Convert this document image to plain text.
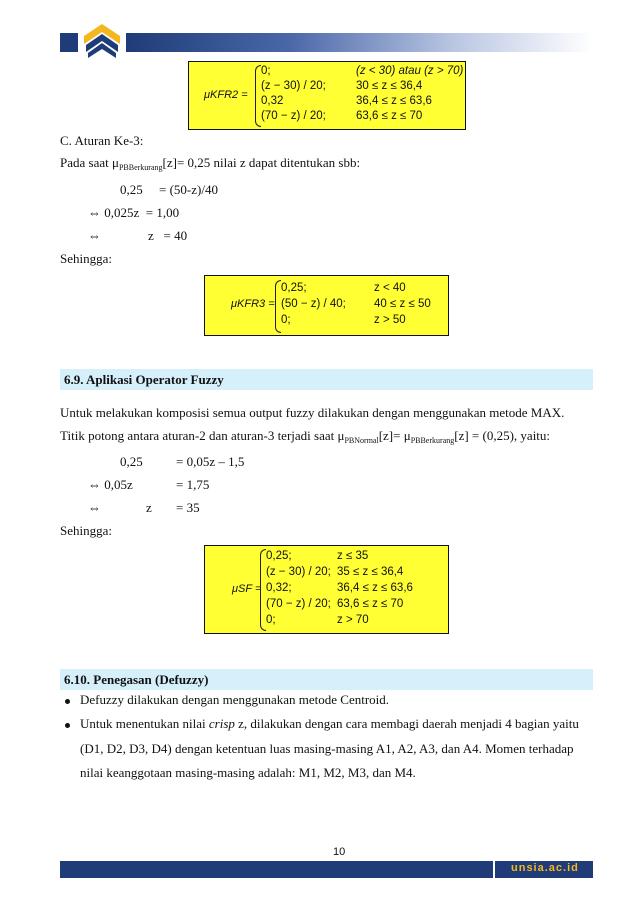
μKFR2 =
0;	(z < 30) atau (z > 70)
(z − 30) / 20;	30 ≤ z ≤ 36,4
0,32	36,4 ≤ z ≤ 63,6
(70 − z) / 20;	63,6 ≤ z ≤ 70
C. Aturan Ke-3:
Pada saat $\mu_{PBBerkurang}[z]= 0,25$ nilai z dapat ditentukan sbb:
0,25     = (50-z)/40
⇔ 0,025z  = 1,00
⇔	z   = 40
Sehingga:
μKFR3 =
0,25;	z < 40
(50 − z) / 40; 40 ≤ z ≤ 50
0;	z > 50
6.9. Aplikasi Operator Fuzzy
Untuk melakukan komposisi semua output fuzzy dilakukan dengan menggunakan metode MAX.
Titik potong antara aturan-2 dan aturan-3 terjadi saat $\mu_{PBNormal}[z]= \mu_{PBBerkurang}[z] = (0,25)$, yaitu:
0,25	= 0,05z – 1,5
⇔ 0,05z	= 1,75
⇔	z = 35
Sehingga:
μSF =
0,25;	z ≤ 35
(z − 30) / 20; 35 ≤ z ≤ 36,4
0,32;	36,4 ≤ z ≤ 63,6
(70 − z) / 20; 63,6 ≤ z ≤ 70
0;	z > 70
6.10. Penegasan (Defuzzy)
Defuzzy dilakukan dengan menggunakan metode Centroid.
Untuk menentukan nilai crisp z, dilakukan dengan cara membagi daerah menjadi 4 bagian yaitu
(D1, D2, D3, D4) dengan ketentuan luas masing-masing A1, A2, A3, dan A4. Momen terhadap
nilai keanggotaan masing-masing adalah: M1, M2, M3, dan M4.
10
unsia.ac.id
